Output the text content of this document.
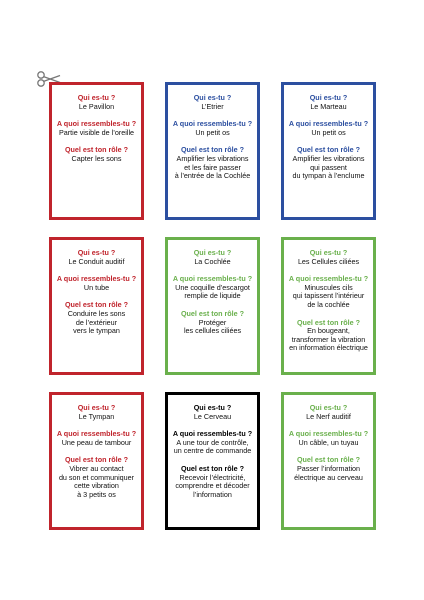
Qui es-tu ?
Le Pavillon
A quoi ressembles-tu ?
Partie visible de l’oreille
Quel est ton rôle ?
Capter les sons
Qui es-tu ?
L’Etrier
A quoi ressembles-tu ?
Un petit os
Quel est ton rôle ?
Amplifier les vibrations
et les faire passer
à l’entrée de la Cochlée
Qui es-tu ?
Le Marteau
A quoi ressembles-tu ?
Un petit os
Quel est ton rôle ?
Amplifier les vibrations
qui passent
du tympan à l’enclume
Qui es-tu ?
Le Conduit auditif
A quoi ressembles-tu ?
Un tube
Quel est ton rôle ?
Conduire les sons
de l’extérieur
vers le tympan
Qui es-tu ?
La Cochlée
A quoi ressembles-tu ?
Une coquille d’escargot
remplie de liquide
Quel est ton rôle ?
Protéger
les cellules ciliées
Qui es-tu ?
Les Cellules ciliées
A quoi ressembles-tu ?
Minuscules cils
qui tapissent l’intérieur
de la cochlée
Quel est ton rôle ?
En bougeant,
transformer la vibration
en information électrique
Qui es-tu ?
Le Tympan
A quoi ressembles-tu ?
Une peau de tambour
Quel est ton rôle ?
Vibrer au contact
du son et communiquer
cette vibration
à 3 petits os
Qui es-tu ?
Le Cerveau
A quoi ressembles-tu ?
A une tour de contrôle,
un centre de commande
Quel est ton rôle ?
Recevoir l’électricité,
comprendre et décoder
l’information
Qui es-tu ?
Le Nerf auditif
A quoi ressembles-tu ?
Un câble, un tuyau
Quel est ton rôle ?
Passer l’information
électrique au cerveau
